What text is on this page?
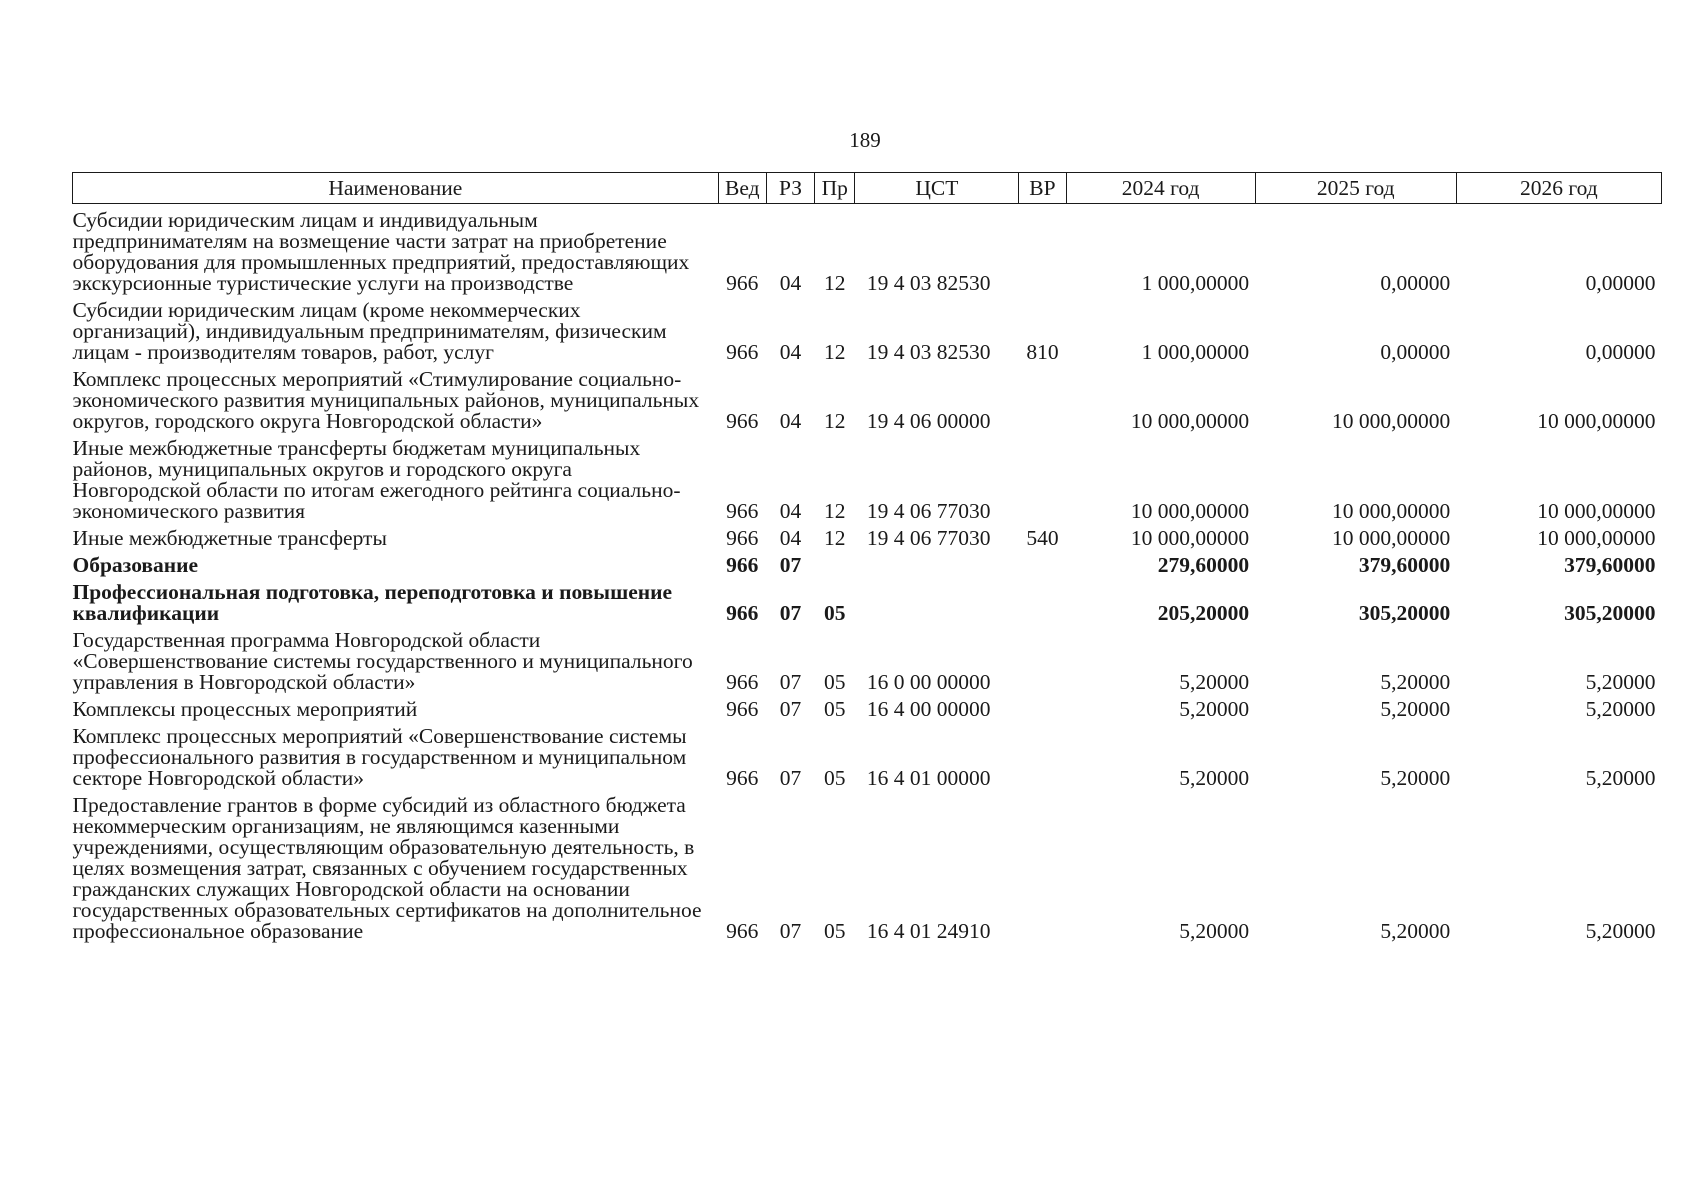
189
Наименование	Вед	РЗ	Пр	ЦСТ	ВР	2024 год	2025 год	2026 год
Субсидии юридическим лицам и индивидуальным предпринимателям на возмещение части затрат на приобретение оборудования для промышленных предприятий, предоставляющих экскурсионные туристические услуги на производстве	966	04	12	19 4 03 82530		1 000,00000	0,00000	0,00000
Субсидии юридическим лицам (кроме некоммерческих организаций), индивидуальным предпринимателям, физическим лицам - производителям товаров, работ, услуг	966	04	12	19 4 03 82530	810	1 000,00000	0,00000	0,00000
Комплекс процессных мероприятий «Стимулирование социально-экономического развития муниципальных районов, муниципальных округов, городского округа Новгородской области»	966	04	12	19 4 06 00000		10 000,00000	10 000,00000	10 000,00000
Иные межбюджетные трансферты бюджетам муниципальных районов, муниципальных округов и городского округа Новгородской области по итогам ежегодного рейтинга социально-экономического развития	966	04	12	19 4 06 77030		10 000,00000	10 000,00000	10 000,00000
Иные межбюджетные трансферты	966	04	12	19 4 06 77030	540	10 000,00000	10 000,00000	10 000,00000
Образование	966	07				279,60000	379,60000	379,60000
Профессиональная подготовка, переподготовка и повышение квалификации	966	07	05			205,20000	305,20000	305,20000
Государственная программа Новгородской области «Совершенствование системы государственного и муниципального управления в Новгородской области»	966	07	05	16 0 00 00000		5,20000	5,20000	5,20000
Комплексы процессных мероприятий	966	07	05	16 4 00 00000		5,20000	5,20000	5,20000
Комплекс процессных мероприятий «Совершенствование системы профессионального развития в государственном и муниципальном секторе Новгородской области»	966	07	05	16 4 01 00000		5,20000	5,20000	5,20000
Предоставление грантов в форме субсидий из областного бюджета некоммерческим организациям, не являющимся казенными учреждениями, осуществляющим образовательную деятельность, в целях возмещения затрат, связанных с обучением государственных гражданских служащих Новгородской области на основании государственных образовательных сертификатов на дополнительное профессиональное образование	966	07	05	16 4 01 24910		5,20000	5,20000	5,20000
